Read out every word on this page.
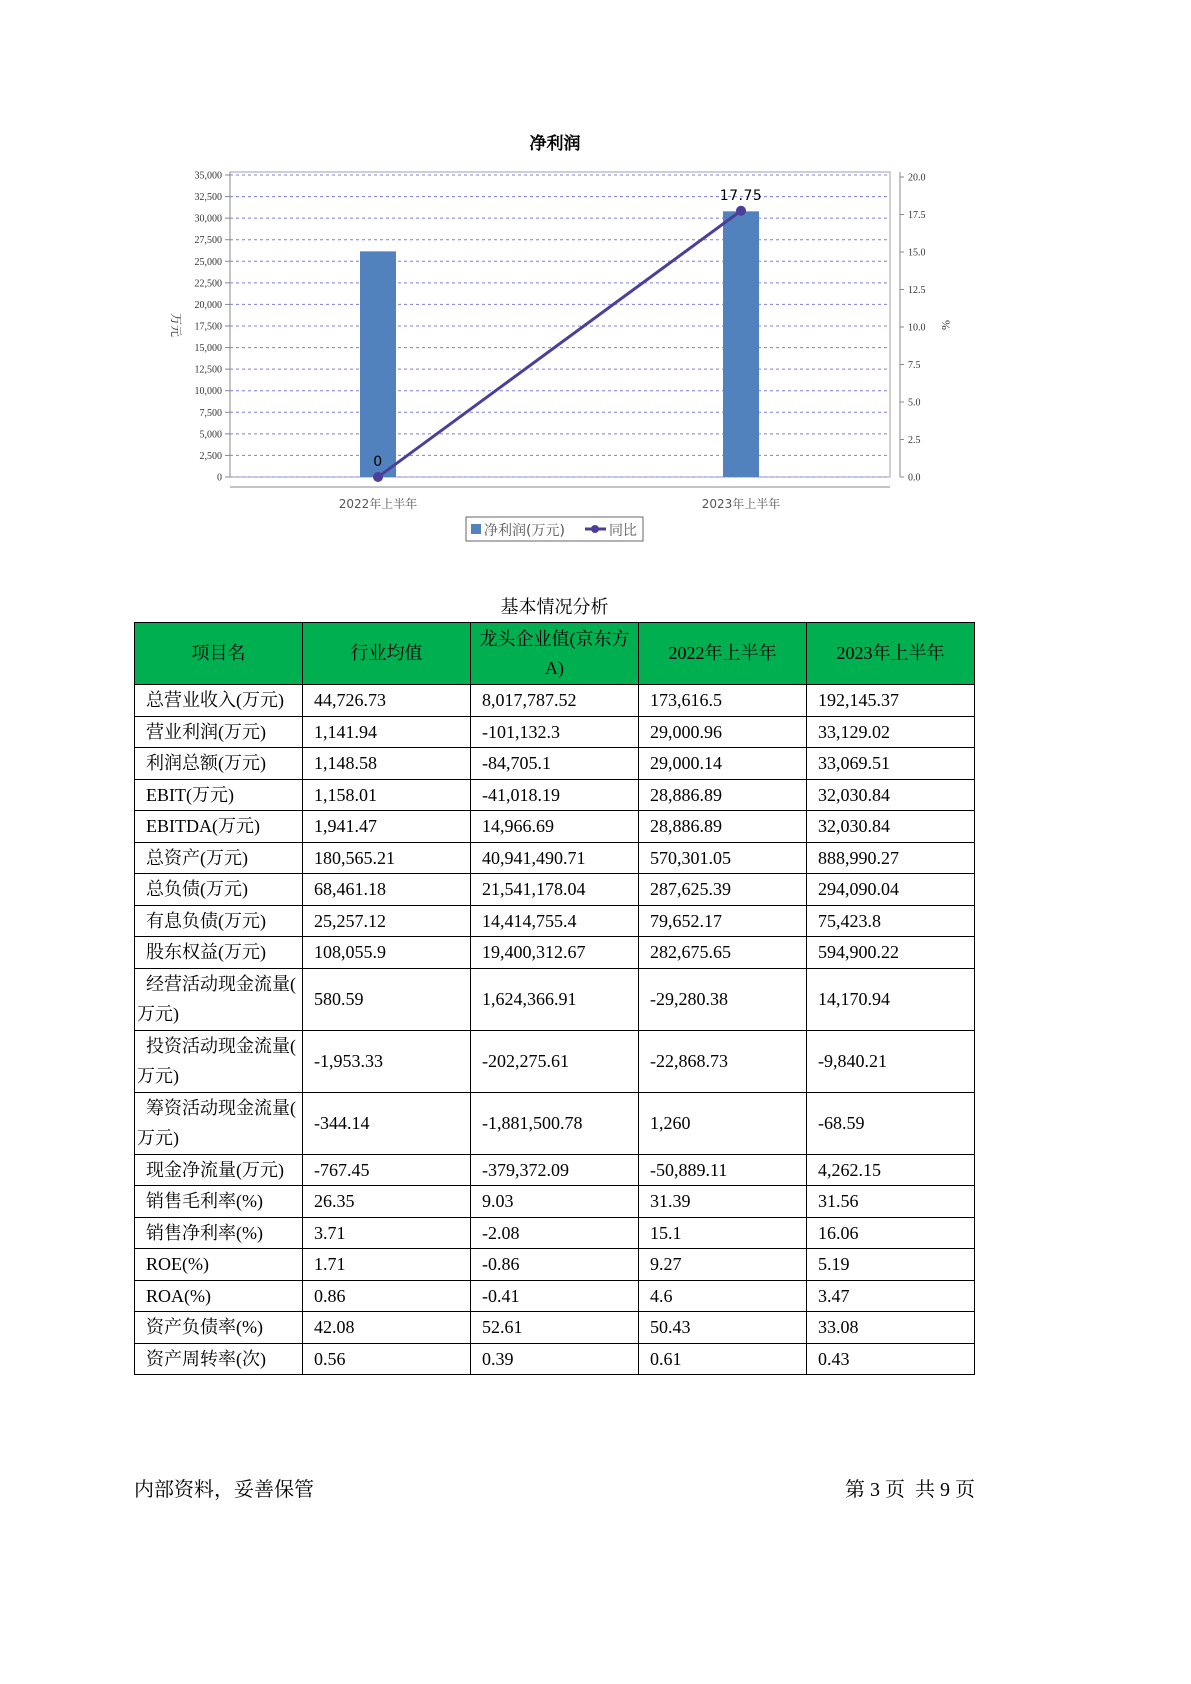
净利润
0
2,500
5,000
7,500
10,000
12,500
15,000
17,500
20,000
22,500
25,000
27,500
30,000
32,500
35,000
0.0
2.5
5.0
7.5
10.0
12.5
15.0
17.5
20.0
0
17.75
2022年上半年	2023年上半年
万元	%
净利润(万元)	同比
基本情况分析
项目名	行业均值	龙头企业值(京东方A)	2022年上半年	2023年上半年
总营业收入(万元)	44,726.73	8,017,787.52	173,616.5	192,145.37
营业利润(万元)	1,141.94	-101,132.3	29,000.96	33,129.02
利润总额(万元)	1,148.58	-84,705.1	29,000.14	33,069.51
EBIT(万元)	1,158.01	-41,018.19	28,886.89	32,030.84
EBITDA(万元)	1,941.47	14,966.69	28,886.89	32,030.84
总资产(万元)	180,565.21	40,941,490.71	570,301.05	888,990.27
总负债(万元)	68,461.18	21,541,178.04	287,625.39	294,090.04
有息负债(万元)	25,257.12	14,414,755.4	79,652.17	75,423.8
股东权益(万元)	108,055.9	19,400,312.67	282,675.65	594,900.22
经营活动现金流量(万元)	580.59	1,624,366.91	-29,280.38	14,170.94
投资活动现金流量(万元)	-1,953.33	-202,275.61	-22,868.73	-9,840.21
筹资活动现金流量(万元)	-344.14	-1,881,500.78	1,260	-68.59
现金净流量(万元)	-767.45	-379,372.09	-50,889.11	4,262.15
销售毛利率(%)	26.35	9.03	31.39	31.56
销售净利率(%)	3.71	-2.08	15.1	16.06
ROE(%)	1.71	-0.86	9.27	5.19
ROA(%)	0.86	-0.41	4.6	3.47
资产负债率(%)	42.08	52.61	50.43	33.08
资产周转率(次)	0.56	0.39	0.61	0.43
内部资料，妥善保管	第 3 页  共 9 页
